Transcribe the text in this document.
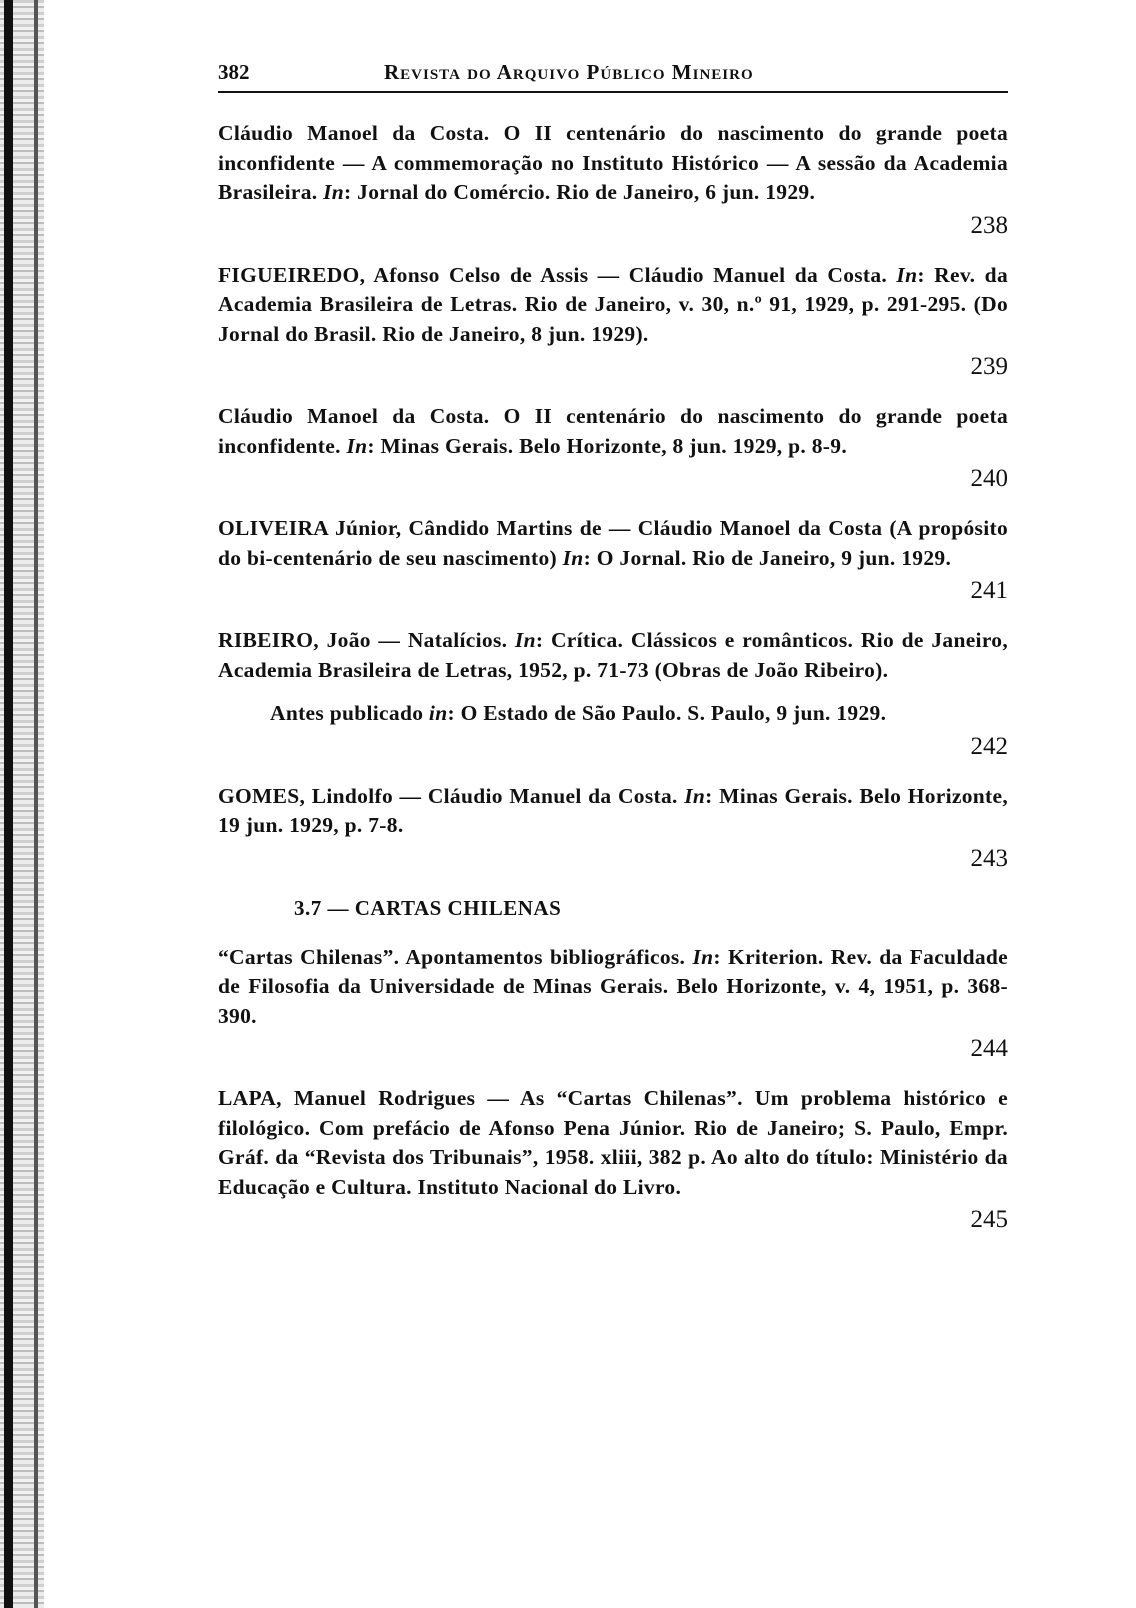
382	Revista do Arquivo Público Mineiro
Cláudio Manoel da Costa. O II centenário do nascimento do grande poeta inconfidente — A commemoração no Instituto Histórico — A sessão da Academia Brasileira. In: Jornal do Comércio. Rio de Janeiro, 6 jun. 1929.
238
FIGUEIREDO, Afonso Celso de Assis — Cláudio Manuel da Costa. In: Rev. da Academia Brasileira de Letras. Rio de Janeiro, v. 30, n.º 91, 1929, p. 291-295. (Do Jornal do Brasil. Rio de Janeiro, 8 jun. 1929).
239
Cláudio Manoel da Costa. O II centenário do nascimento do grande poeta inconfidente. In: Minas Gerais. Belo Horizonte, 8 jun. 1929, p. 8-9.
240
OLIVEIRA Júnior, Cândido Martins de — Cláudio Manoel da Costa (A propósito do bi-centenário de seu nascimento) In: O Jornal. Rio de Janeiro, 9 jun. 1929.
241
RIBEIRO, João — Natalícios. In: Crítica. Clássicos e românticos. Rio de Janeiro, Academia Brasileira de Letras, 1952, p. 71-73 (Obras de João Ribeiro).
Antes publicado in: O Estado de São Paulo. S. Paulo, 9 jun. 1929.
242
GOMES, Lindolfo — Cláudio Manuel da Costa. In: Minas Gerais. Belo Horizonte, 19 jun. 1929, p. 7-8.
243
3.7 — CARTAS CHILENAS
“Cartas Chilenas”. Apontamentos bibliográficos. In: Kriterion. Rev. da Faculdade de Filosofia da Universidade de Minas Gerais. Belo Horizonte, v. 4, 1951, p. 368-390.
244
LAPA, Manuel Rodrigues — As “Cartas Chilenas”. Um problema histórico e filológico. Com prefácio de Afonso Pena Júnior. Rio de Janeiro; S. Paulo, Empr. Gráf. da “Revista dos Tribunais”, 1958. xliii, 382 p. Ao alto do título: Ministério da Educação e Cultura. Instituto Nacional do Livro.
245
